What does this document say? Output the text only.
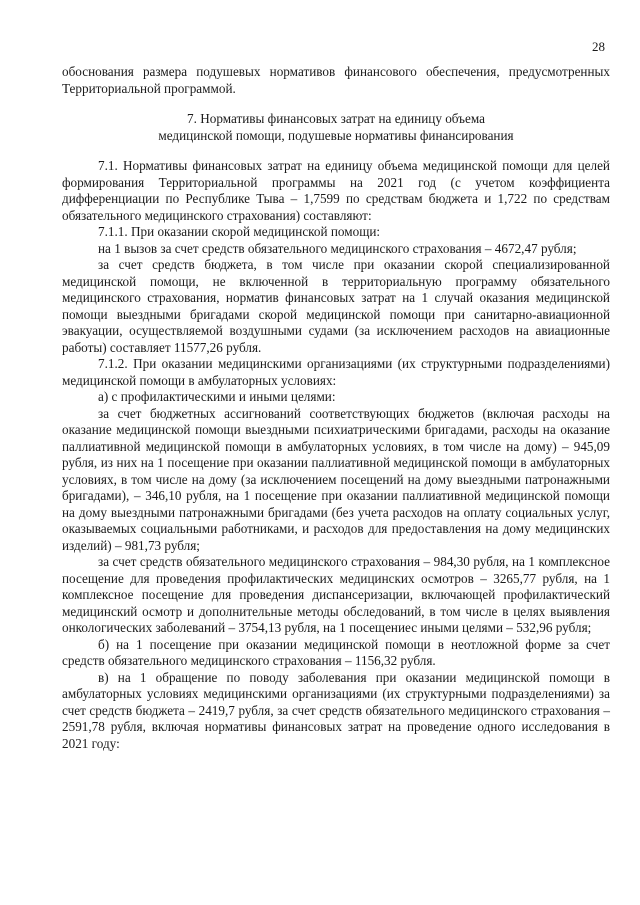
28

обоснования размера подушевых нормативов финансового обеспечения, предусмотренных Территориальной программой.

7. Нормативы финансовых затрат на единицу объема
медицинской помощи, подушевые нормативы финансирования

7.1. Нормативы финансовых затрат на единицу объема медицинской помощи для целей формирования Территориальной программы на 2021 год (с учетом коэффициента дифференциации по Республике Тыва – 1,7599 по средствам бюджета и 1,722 по средствам обязательного медицинского страхования) составляют:

7.1.1. При оказании скорой медицинской помощи:

на 1 вызов за счет средств обязательного медицинского страхования – 4672,47 рубля;

за счет средств бюджета, в том числе при оказании скорой специализированной медицинской помощи, не включенной в территориальную программу обязательного медицинского страхования, норматив финансовых затрат на 1 случай оказания медицинской помощи выездными бригадами скорой медицинской помощи при санитарно-авиационной эвакуации, осуществляемой воздушными судами (за исключением расходов на авиационные работы) составляет 11577,26 рубля.

7.1.2. При оказании медицинскими организациями (их структурными подразделениями) медицинской помощи в амбулаторных условиях:

а) с профилактическими и иными целями:

за счет бюджетных ассигнований соответствующих бюджетов (включая расходы на оказание медицинской помощи выездными психиатрическими бригадами, расходы на оказание паллиативной медицинской помощи в амбулаторных условиях, в том числе на дому) – 945,09 рубля, из них на 1 посещение при оказании паллиативной медицинской помощи в амбулаторных условиях, в том числе на дому (за исключением посещений на дому выездными патронажными бригадами), – 346,10 рубля, на 1 посещение при оказании паллиативной медицинской помощи на дому выездными патронажными бригадами (без учета расходов на оплату социальных услуг, оказываемых социальными работниками, и расходов для предоставления на дому медицинских изделий) – 981,73 рубля;

за счет средств обязательного медицинского страхования – 984,30 рубля, на 1 комплексное посещение для проведения профилактических медицинских осмотров – 3265,77 рубля, на 1 комплексное посещение для проведения диспансеризации, включающей профилактический медицинский осмотр и дополнительные методы обследований, в том числе в целях выявления онкологических заболеваний – 3754,13 рубля, на 1 посещениес иными целями – 532,96 рубля;

б) на 1 посещение при оказании медицинской помощи в неотложной форме за счет средств обязательного медицинского страхования – 1156,32 рубля.

в) на 1 обращение по поводу заболевания при оказании медицинской помощи в амбулаторных условиях медицинскими организациями (их структурными подразделениями) за счет средств бюджета – 2419,7 рубля, за счет средств обязательного медицинского страхования – 2591,78 рубля, включая нормативы финансовых затрат на проведение одного исследования в 2021 году:
